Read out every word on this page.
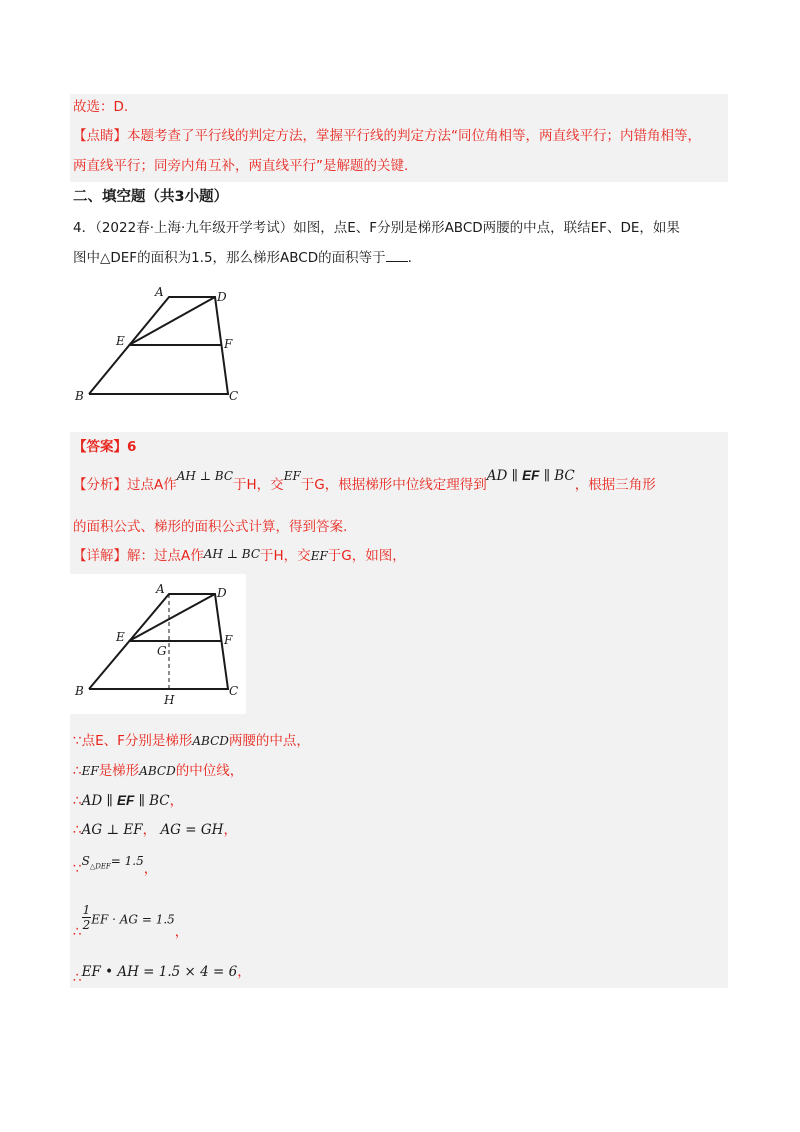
故选：D.
【点睛】本题考查了平行线的判定方法，掌握平行线的判定方法“同位角相等，两直线平行；内错角相等，
两直线平行；同旁内角互补，两直线平行”是解题的关键.
二、填空题（共3小题）
4．（2022春·上海·九年级开学考试）如图，点E、F分别是梯形ABCD两腰的中点，联结EF、DE，如果
图中△DEF的面积为1.5，那么梯形ABCD的面积等于 .
A	D
E	F
B	C
【答案】6
【分析】过点A作AH ⊥ BC于H，交EF于G，根据梯形中位线定理得到AD ∥ EF ∥ BC，根据三角形
的面积公式、梯形的面积公式计算，得到答案.
【详解】解：过点A作AH ⊥ BC于H，交EF于G，如图，
A	D
E	F
G
B	C
H
∵点E、F分别是梯形ABCD两腰的中点，
∴EF是梯形ABCD的中位线，
∴AD ∥ EF ∥ BC，
∴AG ⊥ EF， AG = GH，
$\because S_{\triangle DEF}= 1.5$，
∴ $\frac{1}{2}$ EF · AG = 1.5，
∴EF • AH = 1.5 × 4 = 6，
